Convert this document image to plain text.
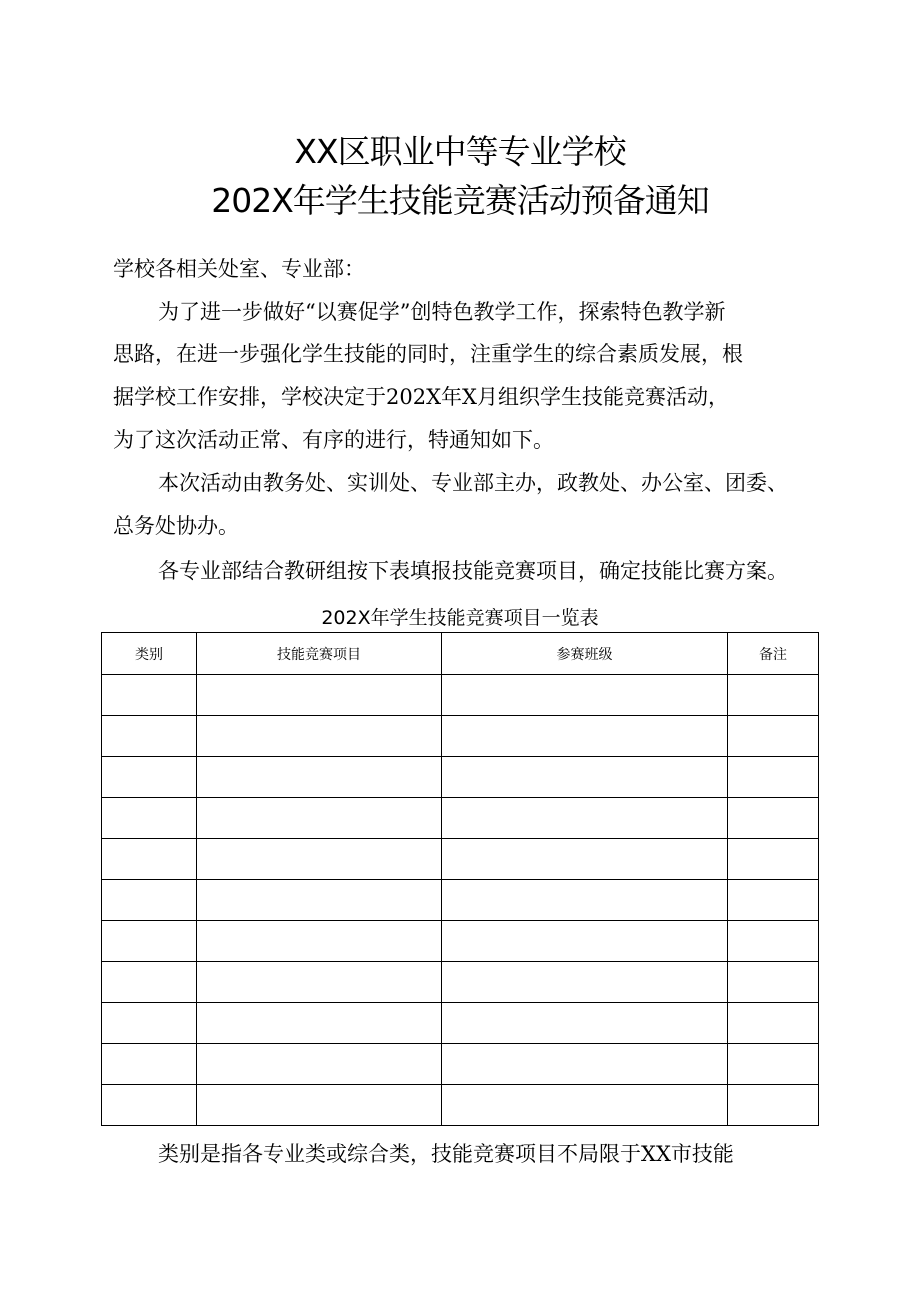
XX区职业中等专业学校
202X年学生技能竞赛活动预备通知
学校各相关处室、专业部：
为了进一步做好“以赛促学”创特色教学工作，探索特色教学新
思路，在进一步强化学生技能的同时，注重学生的综合素质发展，根
据学校工作安排，学校决定于202X年X月组织学生技能竞赛活动，
为了这次活动正常、有序的进行，特通知如下。
本次活动由教务处、实训处、专业部主办，政教处、办公室、团委、
总务处协办。
各专业部结合教研组按下表填报技能竞赛项目，确定技能比赛方案。
202X年学生技能竞赛项目一览表
类别	技能竞赛项目	参赛班级	备注

类别是指各专业类或综合类，技能竞赛项目不局限于XX市技能
